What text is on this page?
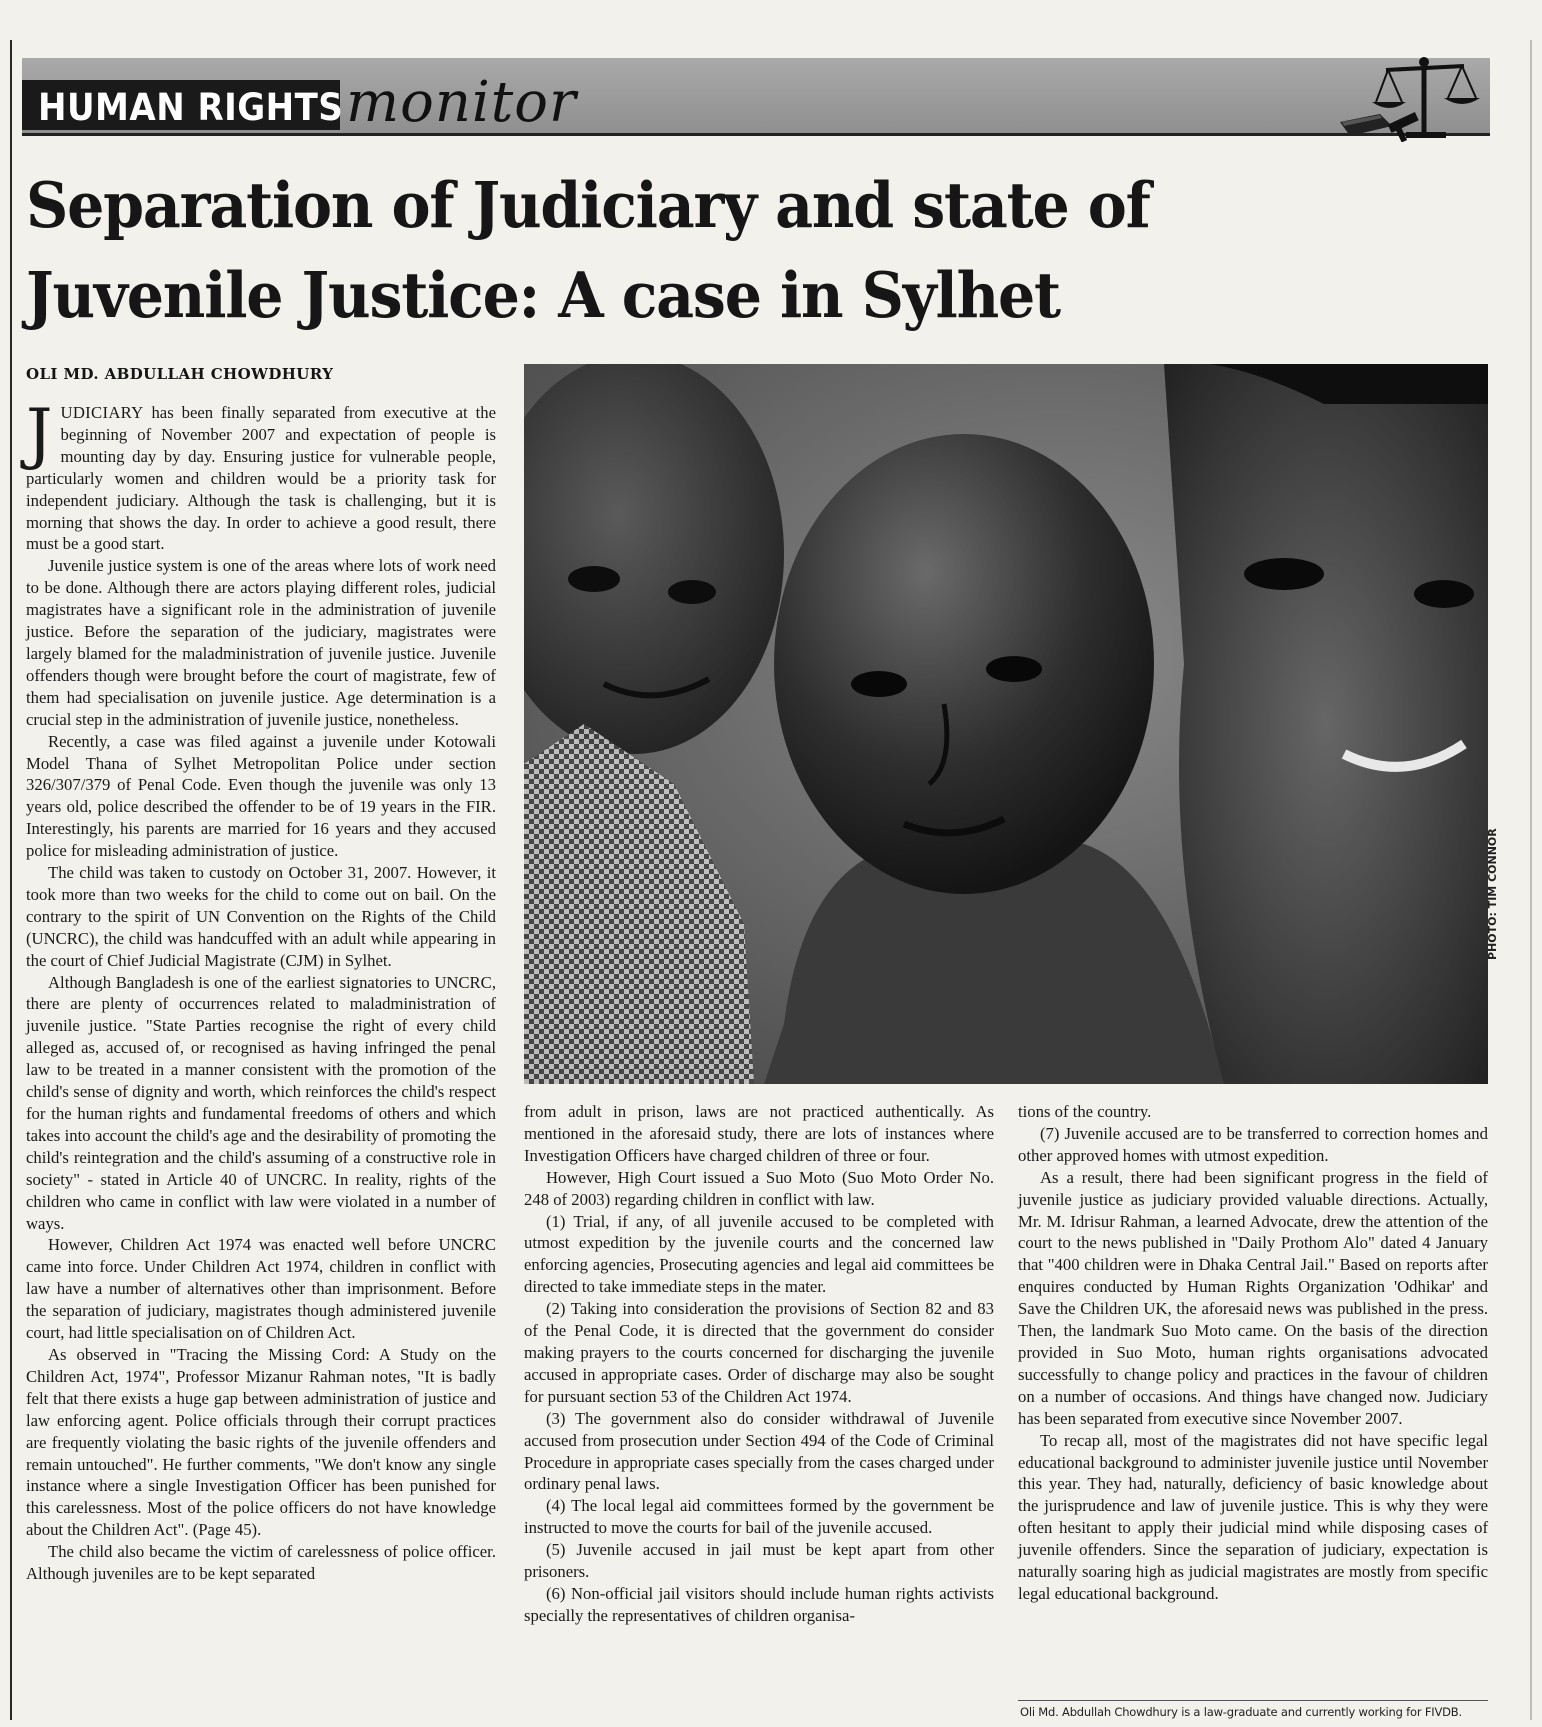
HUMAN RIGHTS monitor
Separation of Judiciary and state of Juvenile Justice: A case in Sylhet
OLI MD. ABDULLAH CHOWDHURY
PHOTO: TIM CONNOR

JUDICIARY has been finally separated from executive at the beginning of November 2007 and expectation of people is mounting day by day. Ensuring justice for vulnerable people, particularly women and children would be a priority task for independent judiciary. Although the task is challenging, but it is morning that shows the day. In order to achieve a good result, there must be a good start.

Juvenile justice system is one of the areas where lots of work need to be done. Although there are actors playing different roles, judicial magistrates have a significant role in the administration of juvenile justice. Before the separation of the judiciary, magistrates were largely blamed for the maladministration of juvenile justice. Juvenile offenders though were brought before the court of magistrate, few of them had specialisation on juvenile justice. Age determination is a crucial step in the administration of juvenile justice, nonetheless.

Recently, a case was filed against a juvenile under Kotowali Model Thana of Sylhet Metropolitan Police under section 326/307/379 of Penal Code. Even though the juvenile was only 13 years old, police described the offender to be of 19 years in the FIR. Interestingly, his parents are married for 16 years and they accused police for misleading administration of justice.

The child was taken to custody on October 31, 2007. However, it took more than two weeks for the child to come out on bail. On the contrary to the spirit of UN Convention on the Rights of the Child (UNCRC), the child was handcuffed with an adult while appearing in the court of Chief Judicial Magistrate (CJM) in Sylhet.

Although Bangladesh is one of the earliest signatories to UNCRC, there are plenty of occurrences related to maladministration of juvenile justice. "State Parties recognise the right of every child alleged as, accused of, or recognised as having infringed the penal law to be treated in a manner consistent with the promotion of the child's sense of dignity and worth, which reinforces the child's respect for the human rights and fundamental freedoms of others and which takes into account the child's age and the desirability of promoting the child's reintegration and the child's assuming of a constructive role in society" - stated in Article 40 of UNCRC. In reality, rights of the children who came in conflict with law were violated in a number of ways.

However, Children Act 1974 was enacted well before UNCRC came into force. Under Children Act 1974, children in conflict with law have a number of alternatives other than imprisonment. Before the separation of judiciary, magistrates though administered juvenile court, had little specialisation on of Children Act.

As observed in "Tracing the Missing Cord: A Study on the Children Act, 1974", Professor Mizanur Rahman notes, "It is badly felt that there exists a huge gap between administration of justice and law enforcing agent. Police officials through their corrupt practices are frequently violating the basic rights of the juvenile offenders and remain untouched". He further comments, "We don't know any single instance where a single Investigation Officer has been punished for this carelessness. Most of the police officers do not have knowledge about the Children Act". (Page 45).

The child also became the victim of carelessness of police officer. Although juveniles are to be kept separated

from adult in prison, laws are not practiced authentically. As mentioned in the aforesaid study, there are lots of instances where Investigation Officers have charged children of three or four.

However, High Court issued a Suo Moto (Suo Moto Order No. 248 of 2003) regarding children in conflict with law.

(1) Trial, if any, of all juvenile accused to be completed with utmost expedition by the juvenile courts and the concerned law enforcing agencies, Prosecuting agencies and legal aid committees be directed to take immediate steps in the mater.

(2) Taking into consideration the provisions of Section 82 and 83 of the Penal Code, it is directed that the government do consider making prayers to the courts concerned for discharging the juvenile accused in appropriate cases. Order of discharge may also be sought for pursuant section 53 of the Children Act 1974.

(3) The government also do consider withdrawal of Juvenile accused from prosecution under Section 494 of the Code of Criminal Procedure in appropriate cases specially from the cases charged under ordinary penal laws.

(4) The local legal aid committees formed by the government be instructed to move the courts for bail of the juvenile accused.

(5) Juvenile accused in jail must be kept apart from other prisoners.

(6) Non-official jail visitors should include human rights activists specially the representatives of children organisa-

tions of the country.

(7) Juvenile accused are to be transferred to correction homes and other approved homes with utmost expedition.

As a result, there had been significant progress in the field of juvenile justice as judiciary provided valuable directions. Actually, Mr. M. Idrisur Rahman, a learned Advocate, drew the attention of the court to the news published in "Daily Prothom Alo" dated 4 January that "400 children were in Dhaka Central Jail." Based on reports after enquires conducted by Human Rights Organization 'Odhikar' and Save the Children UK, the aforesaid news was published in the press. Then, the landmark Suo Moto came. On the basis of the direction provided in Suo Moto, human rights organisations advocated successfully to change policy and practices in the favour of children on a number of occasions. And things have changed now. Judiciary has been separated from executive since November 2007.

To recap all, most of the magistrates did not have specific legal educational background to administer juvenile justice until November this year. They had, naturally, deficiency of basic knowledge about the jurisprudence and law of juvenile justice. This is why they were often hesitant to apply their judicial mind while disposing cases of juvenile offenders. Since the separation of judiciary, expectation is naturally soaring high as judicial magistrates are mostly from specific legal educational background.

Oli Md. Abdullah Chowdhury is a law-graduate and currently working for FIVDB.
